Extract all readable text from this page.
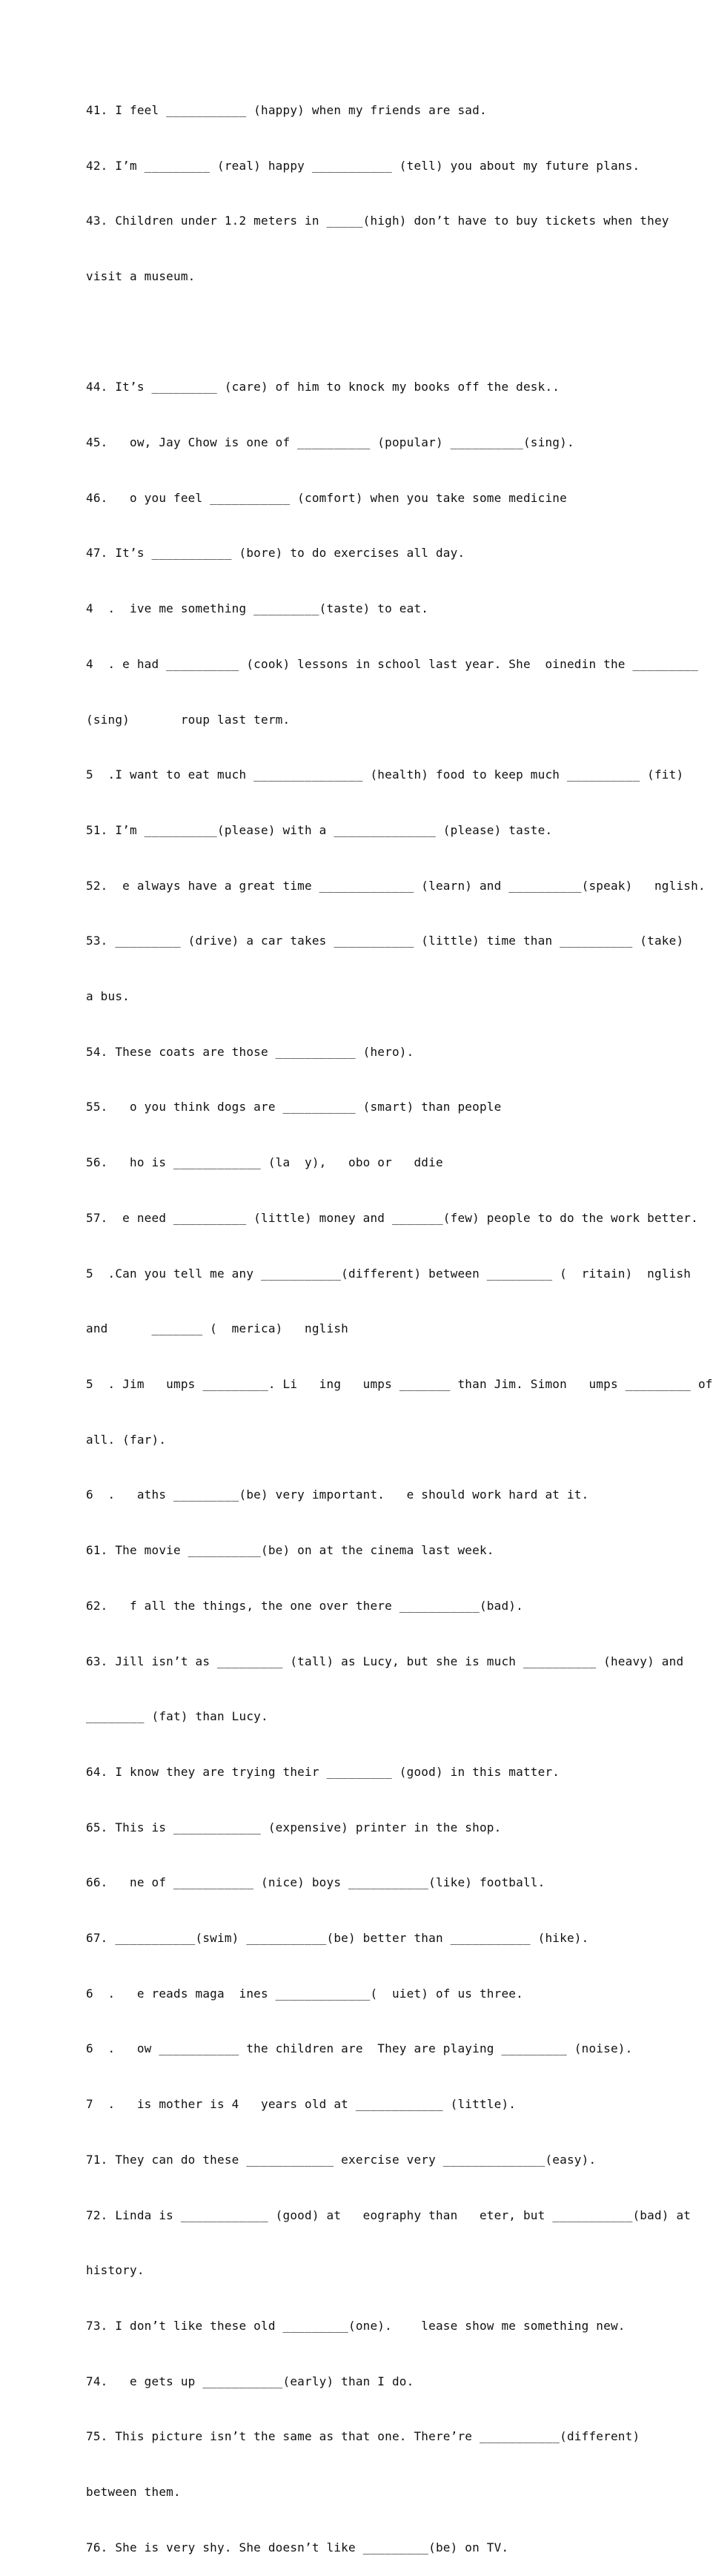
41. I feel ___________ (happy) when my friends are sad.

42. I’m _________ (real) happy ___________ (tell) you about my future plans.

43. Children under 1.2 meters in _____(high) don’t have to buy tickets when they

visit a museum.

44. It’s _________ (care) of him to knock my books off the desk..

45.   ow, Jay Chow is one of __________ (popular) __________(sing).

46.   o you feel ___________ (comfort) when you take some medicine

47. It’s ___________ (bore) to do exercises all day.

4  .  ive me something _________(taste) to eat.

4  . e had __________ (cook) lessons in school last year. She  oinedin the _________

(sing)       roup last term.

5  .I want to eat much _______________ (health) food to keep much __________ (fit)

51. I’m __________(please) with a ______________ (please) taste.

52.  e always have a great time _____________ (learn) and __________(speak)   nglish.

53. _________ (drive) a car takes ___________ (little) time than __________ (take)

a bus.

54. These coats are those ___________ (hero).

55.   o you think dogs are __________ (smart) than people

56.   ho is ____________ (la  y),   obo or   ddie

57.  e need __________ (little) money and _______(few) people to do the work better.

5  .Can you tell me any ___________(different) between _________ (  ritain)  nglish

and      _______ (  merica)   nglish

5  . Jim   umps _________. Li   ing   umps _______ than Jim. Simon   umps _________ of

all. (far).

6  .   aths _________(be) very important.   e should work hard at it.

61. The movie __________(be) on at the cinema last week.

62.   f all the things, the one over there ___________(bad).

63. Jill isn’t as _________ (tall) as Lucy, but she is much __________ (heavy) and

________ (fat) than Lucy.

64. I know they are trying their _________ (good) in this matter.

65. This is ____________ (expensive) printer in the shop.

66.   ne of ___________ (nice) boys ___________(like) football.

67. ___________(swim) ___________(be) better than ___________ (hike).

6  .   e reads maga  ines _____________(  uiet) of us three.

6  .   ow ___________ the children are  They are playing _________ (noise).

7  .   is mother is 4   years old at ____________ (little).

71. They can do these ____________ exercise very ______________(easy).

72. Linda is ____________ (good) at   eography than   eter, but ___________(bad) at

history.

73. I don’t like these old _________(one).    lease show me something new.

74.   e gets up ___________(early) than I do.

75. This picture isn’t the same as that one. There’re ___________(different)

between them.

76. She is very shy. She doesn’t like _________(be) on TV.
